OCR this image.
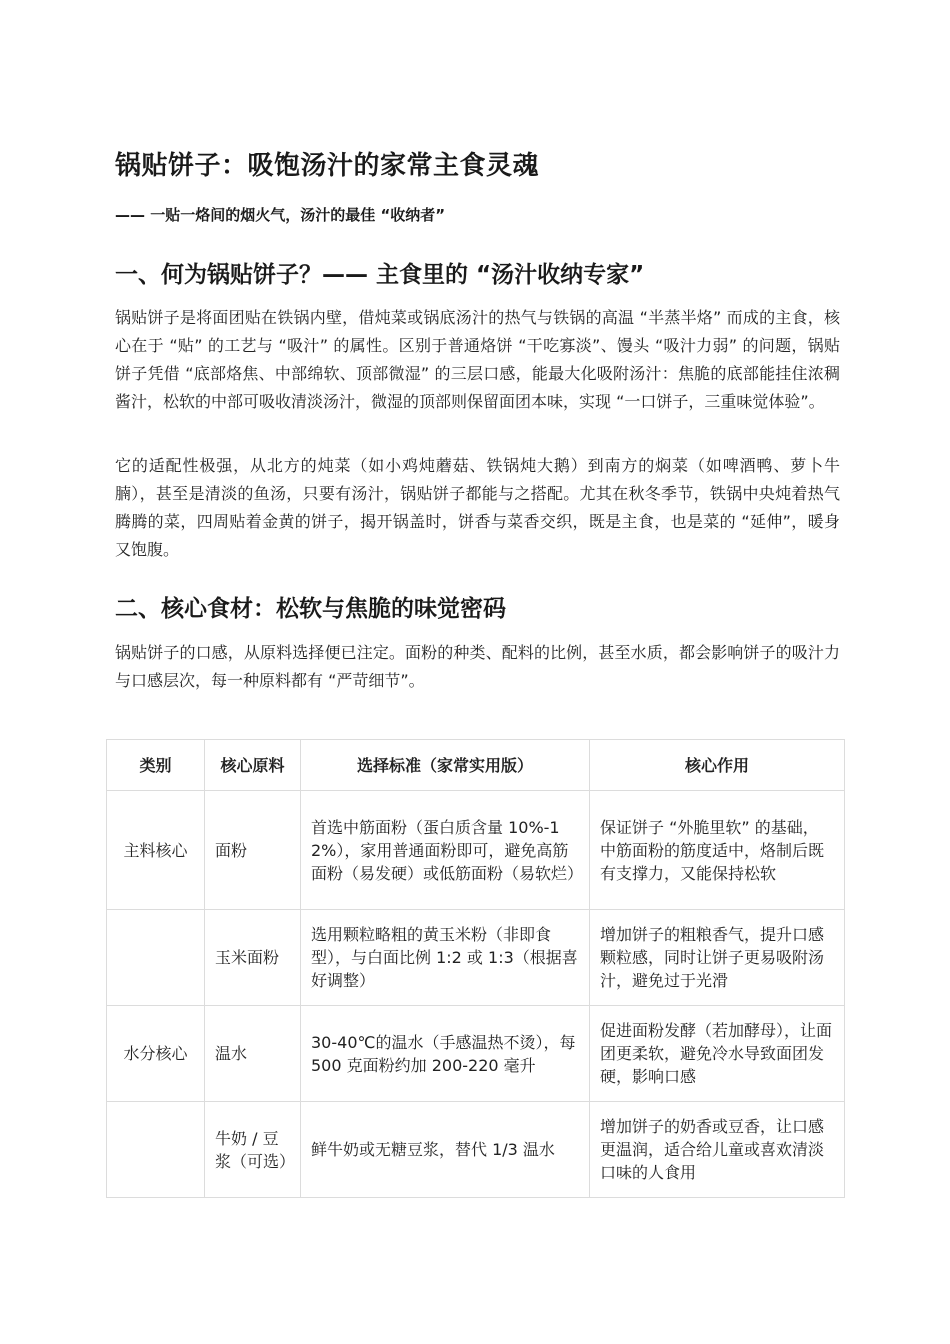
锅贴饼子：吸饱汤汁的家常主食灵魂
—— 一贴一烙间的烟火气，汤汁的最佳 “收纳者”
一、何为锅贴饼子？—— 主食里的 “汤汁收纳专家”
锅贴饼子是将面团贴在铁锅内壁，借炖菜或锅底汤汁的热气与铁锅的高温 “半蒸半烙” 而成的主食，核心在于 “贴” 的工艺与 “吸汁” 的属性。区别于普通烙饼 “干吃寡淡”、馒头 “吸汁力弱” 的问题，锅贴饼子凭借 “底部烙焦、中部绵软、顶部微湿” 的三层口感，能最大化吸附汤汁：焦脆的底部能挂住浓稠酱汁，松软的中部可吸收清淡汤汁，微湿的顶部则保留面团本味，实现 “一口饼子，三重味觉体验”。
它的适配性极强，从北方的炖菜（如小鸡炖蘑菇、铁锅炖大鹅）到南方的焖菜（如啤酒鸭、萝卜牛腩），甚至是清淡的鱼汤，只要有汤汁，锅贴饼子都能与之搭配。尤其在秋冬季节，铁锅中央炖着热气腾腾的菜，四周贴着金黄的饼子，揭开锅盖时，饼香与菜香交织，既是主食，也是菜的 “延伸”，暖身又饱腹。
二、核心食材：松软与焦脆的味觉密码
锅贴饼子的口感，从原料选择便已注定。面粉的种类、配料的比例，甚至水质，都会影响饼子的吸汁力与口感层次，每一种原料都有 “严苛细节”。
类别	核心原料	选择标准（家常实用版）	核心作用
主料核心	面粉	首选中筋面粉（蛋白质含量 10%-12%），家用普通面粉即可，避免高筋面粉（易发硬）或低筋面粉（易软烂）	保证饼子 “外脆里软” 的基础，中筋面粉的筋度适中，烙制后既有支撑力，又能保持松软
	玉米面粉	选用颗粒略粗的黄玉米粉（非即食型），与白面比例 1:2 或 1:3（根据喜好调整）	增加饼子的粗粮香气，提升口感颗粒感，同时让饼子更易吸附汤汁，避免过于光滑
水分核心	温水	30-40℃的温水（手感温热不烫），每 500 克面粉约加 200-220 毫升	促进面粉发酵（若加酵母），让面团更柔软，避免冷水导致面团发硬，影响口感
	牛奶 / 豆浆（可选）	鲜牛奶或无糖豆浆，替代 1/3 温水	增加饼子的奶香或豆香，让口感更温润，适合给儿童或喜欢清淡口味的人食用
